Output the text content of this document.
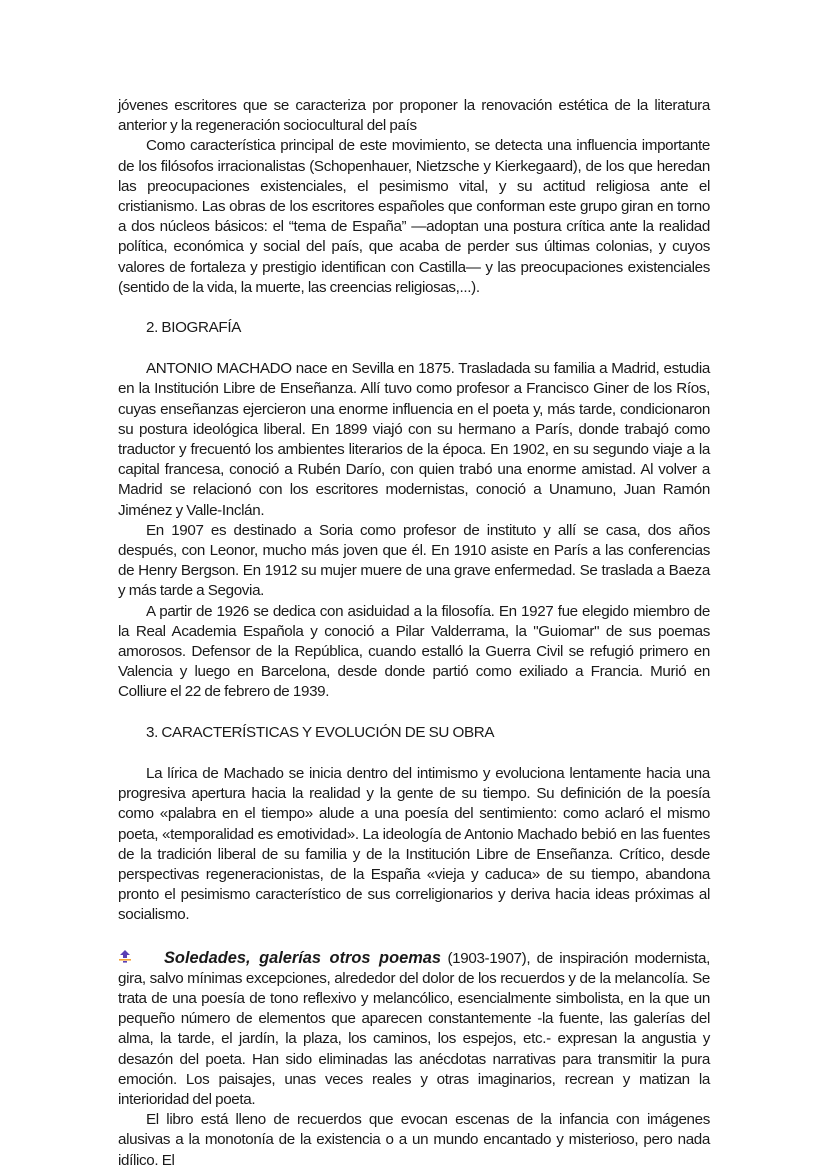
jóvenes escritores que se caracteriza por proponer la renovación estética de la literatura anterior y la regeneración sociocultural del país

Como característica principal de este movimiento, se detecta una influencia importante de los filósofos irracionalistas (Schopenhauer, Nietzsche y Kierkegaard), de los que heredan las preocupaciones existenciales, el pesimismo vital, y su actitud religiosa ante el cristianismo. Las obras de los escritores españoles que conforman este grupo giran en torno a dos núcleos básicos: el “tema de España” —adoptan una postura crítica ante la realidad política, económica y social del país, que acaba de perder sus últimas colonias, y cuyos valores de fortaleza y prestigio identifican con Castilla— y las preocupaciones existenciales (sentido de la vida, la muerte, las creencias religiosas,...).

2. BIOGRAFÍA

ANTONIO MACHADO nace en Sevilla en 1875. Trasladada su familia a Madrid, estudia en la Institución Libre de Enseñanza. Allí tuvo como profesor a Francisco Giner de los Ríos, cuyas enseñanzas ejercieron una enorme influencia en el poeta y, más tarde, condicionaron su postura ideológica liberal. En 1899 viajó con su hermano a París, donde trabajó como traductor y frecuentó los ambientes literarios de la época. En 1902, en su segundo viaje a la capital francesa, conoció a Rubén Darío, con quien trabó una enorme amistad. Al volver a Madrid se relacionó con los escritores modernistas, conoció a Unamuno, Juan Ramón Jiménez y Valle-Inclán.

En 1907 es destinado a Soria como profesor de instituto y allí se casa, dos años después, con Leonor, mucho más joven que él. En 1910 asiste en París a las conferencias de Henry Bergson. En 1912 su mujer muere de una grave enfermedad. Se traslada a Baeza y más tarde a Segovia.

A partir de 1926 se dedica con asiduidad a la filosofía. En 1927 fue elegido miembro de la Real Academia Española y conoció a Pilar Valderrama, la "Guiomar" de sus poemas amorosos. Defensor de la República, cuando estalló la Guerra Civil se refugió primero en Valencia y luego en Barcelona, desde donde partió como exiliado a Francia. Murió en Colliure el 22 de febrero de 1939.

3. CARACTERÍSTICAS Y EVOLUCIÓN DE SU OBRA

La lírica de Machado se inicia dentro del intimismo y evoluciona lentamente hacia una progresiva apertura hacia la realidad y la gente de su tiempo. Su definición de la poesía como «palabra en el tiempo» alude a una poesía del sentimiento: como aclaró el mismo poeta, «temporalidad es emotividad». La ideología de Antonio Machado bebió en las fuentes de la tradición liberal de su familia y de la Institución Libre de Enseñanza. Crítico, desde perspectivas regeneracionistas, de la España «vieja y caduca» de su tiempo, abandona pronto el pesimismo característico de sus correligionarios y deriva hacia ideas próximas al socialismo.

Soledades, galerías otros poemas (1903-1907), de inspiración modernista, gira, salvo mínimas excepciones, alrededor del dolor de los recuerdos y de la melancolía. Se trata de una poesía de tono reflexivo y melancólico, esencialmente simbolista, en la que un pequeño número de elementos que aparecen constantemente -la fuente, las galerías del alma, la tarde, el jardín, la plaza, los caminos, los espejos, etc.- expresan la angustia y desazón del poeta. Han sido eliminadas las anécdotas narrativas para transmitir la pura emoción. Los paisajes, unas veces reales y otras imaginarios, recrean y matizan la interioridad del poeta.

El libro está lleno de recuerdos que evocan escenas de la infancia con imágenes alusivas a la monotonía de la existencia o a un mundo encantado y misterioso, pero nada idílico. El
